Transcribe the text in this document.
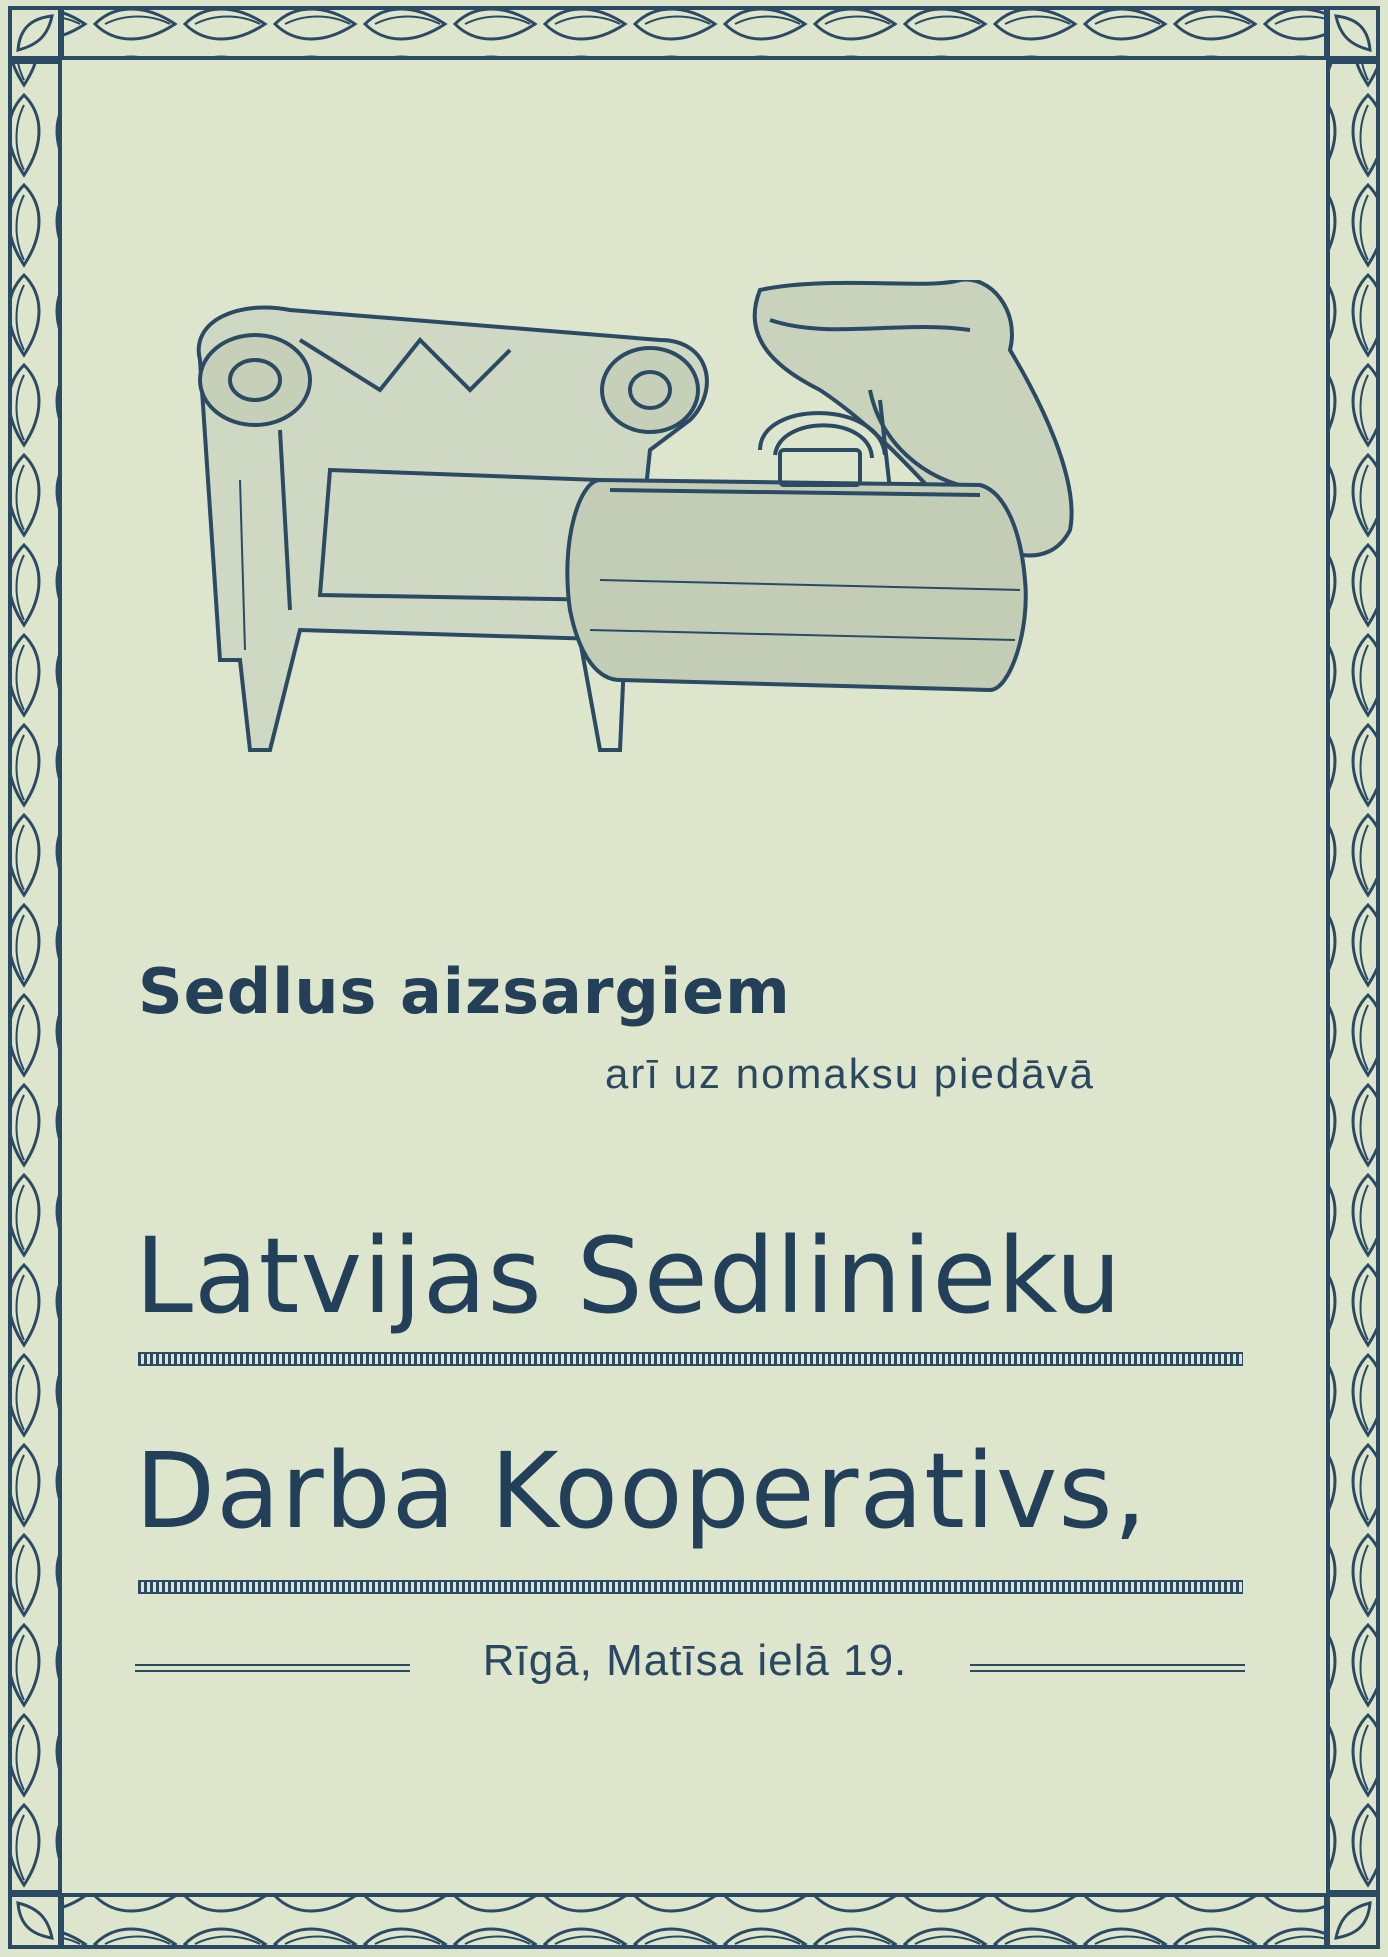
Sedlus aizsargiem

arī uz nomaksu piedāvā

Latvijas Sedlinieku

Darba Kooperativs,

Rīgā, Matīsa ielā 19.
